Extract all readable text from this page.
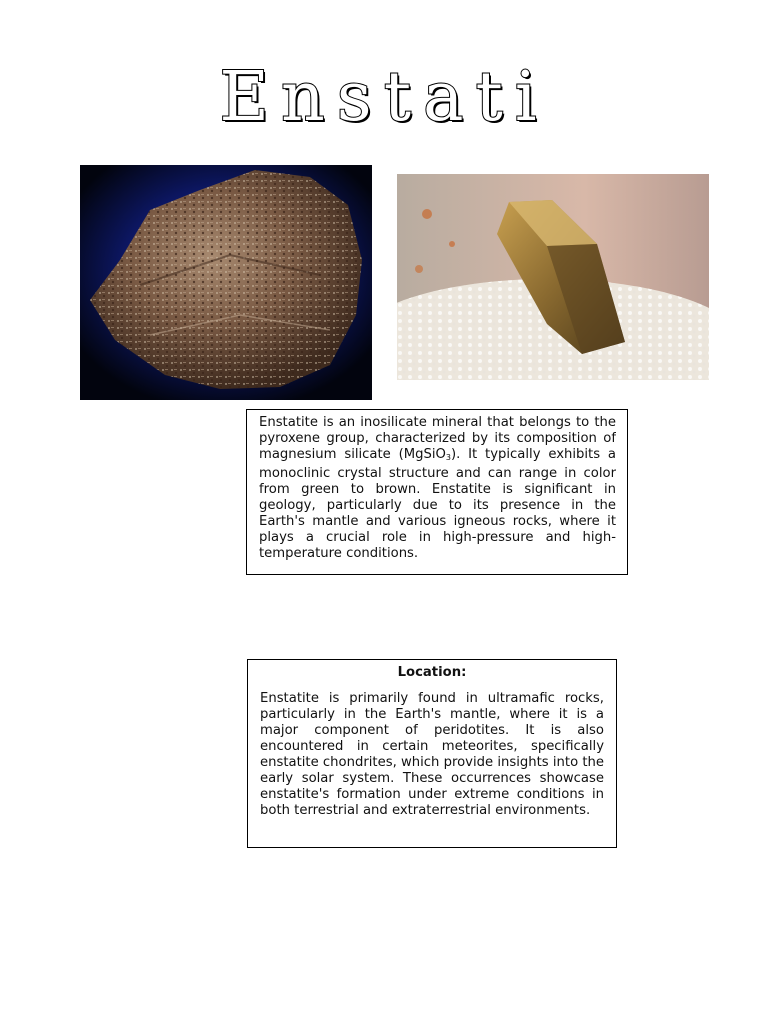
Enstati

Enstatite is an inosilicate mineral that belongs to the pyroxene group, characterized by its composition of magnesium silicate (MgSiO$_3$). It typically exhibits a monoclinic crystal structure and can range in color from green to brown. Enstatite is significant in geology, particularly due to its presence in the Earth's mantle and various igneous rocks, where it plays a crucial role in high-pressure and high-temperature conditions.

Location:

Enstatite is primarily found in ultramafic rocks, particularly in the Earth's mantle, where it is a major component of peridotites. It is also encountered in certain meteorites, specifically enstatite chondrites, which provide insights into the early solar system. These occurrences showcase enstatite's formation under extreme conditions in both terrestrial and extraterrestrial environments.
